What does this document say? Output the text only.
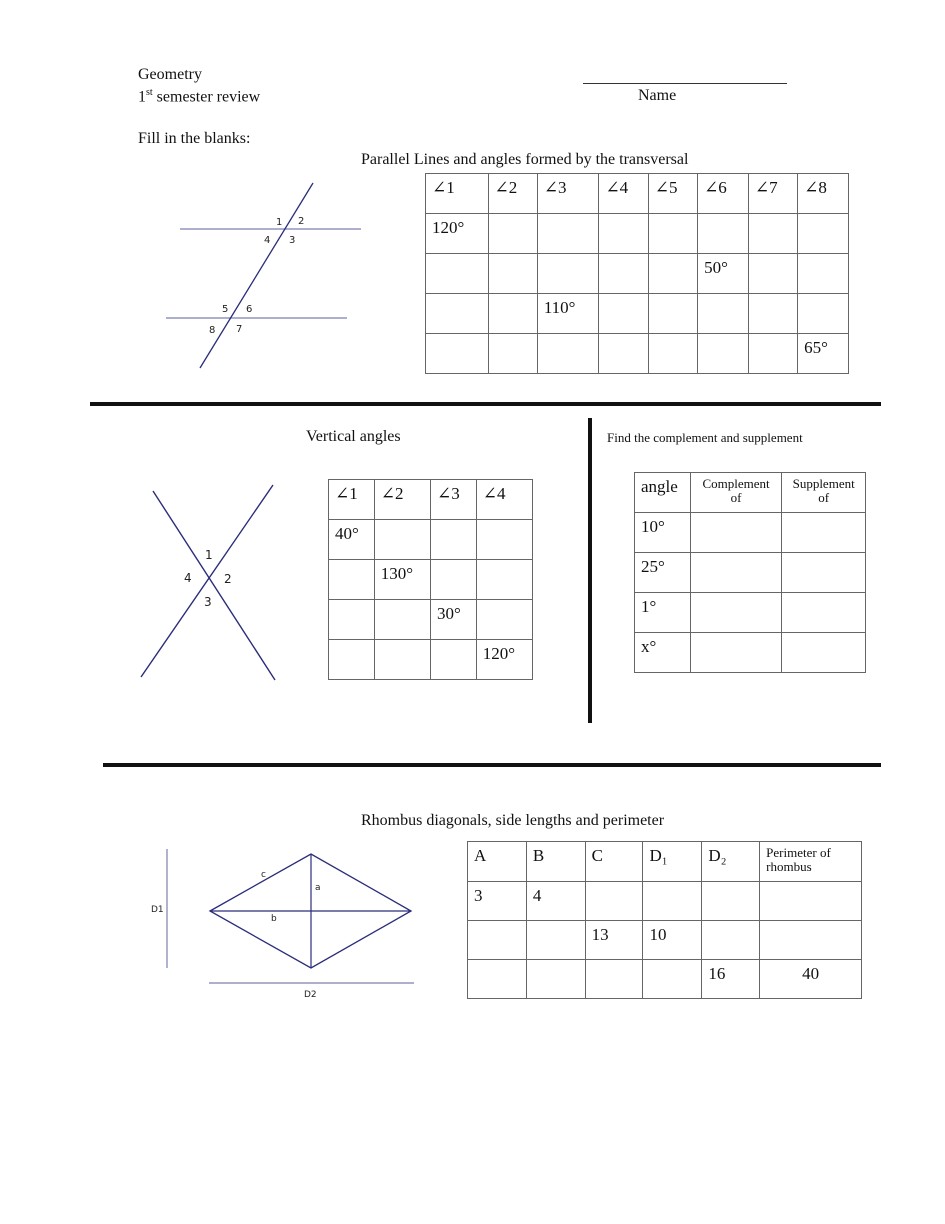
Geometry
1st semester review	Name
Fill in the blanks:
Parallel Lines and angles formed by the transversal
∠1	∠2	∠3	∠4	∠5	∠6	∠7	∠8
120°							
					50°		
		110°					
							65°
Vertical angles
∠1	∠2	∠3	∠4
40°			
	130°		
		30°	
			120°
Find the complement and supplement
angle	Complement of	Supplement of
10°		
25°		
1°		
x°		
Rhombus diagonals, side lengths and perimeter
A	B	C	D₁	D₂	Perimeter of rhombus
3	4				
		13	10		
				16	40
1 2
3
4
5 6
7
8
1
2
3
4
c
a
b
D1
D2
